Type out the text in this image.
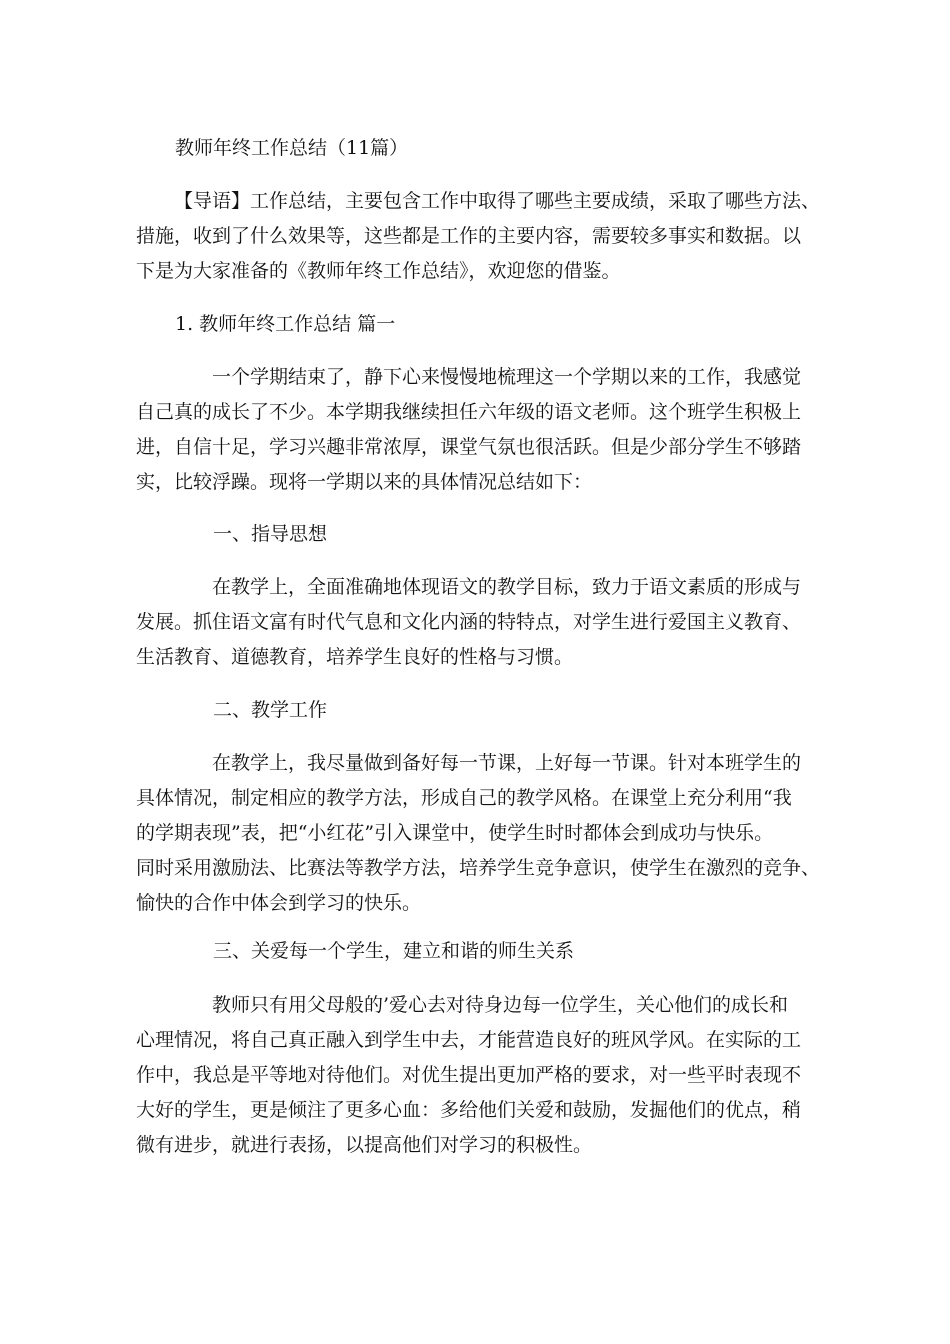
教师年终工作总结（11篇）
【导语】工作总结，主要包含工作中取得了哪些主要成绩，采取了哪些方法、
措施，收到了什么效果等，这些都是工作的主要内容，需要较多事实和数据。以
下是为大家准备的《教师年终工作总结》，欢迎您的借鉴。
1. 教师年终工作总结 篇一
一个学期结束了，静下心来慢慢地梳理这一个学期以来的工作，我感觉
自己真的成长了不少。本学期我继续担任六年级的语文老师。这个班学生积极上
进，自信十足，学习兴趣非常浓厚，课堂气氛也很活跃。但是少部分学生不够踏
实，比较浮躁。现将一学期以来的具体情况总结如下：
一、指导思想
在教学上，全面准确地体现语文的教学目标，致力于语文素质的形成与
发展。抓住语文富有时代气息和文化内涵的特特点，对学生进行爱国主义教育、
生活教育、道德教育，培养学生良好的性格与习惯。
二、教学工作
在教学上，我尽量做到备好每一节课，上好每一节课。针对本班学生的
具体情况，制定相应的教学方法，形成自己的教学风格。在课堂上充分利用“我
的学期表现”表，把“小红花”引入课堂中，使学生时时都体会到成功与快乐。
同时采用激励法、比赛法等教学方法，培养学生竞争意识，使学生在激烈的竞争、
愉快的合作中体会到学习的快乐。
三、关爱每一个学生，建立和谐的师生关系
教师只有用父母般的’爱心去对待身边每一位学生，关心他们的成长和
心理情况，将自己真正融入到学生中去，才能营造良好的班风学风。在实际的工
作中，我总是平等地对待他们。对优生提出更加严格的要求，对一些平时表现不
大好的学生，更是倾注了更多心血：多给他们关爱和鼓励，发掘他们的优点，稍
微有进步，就进行表扬，以提高他们对学习的积极性。
